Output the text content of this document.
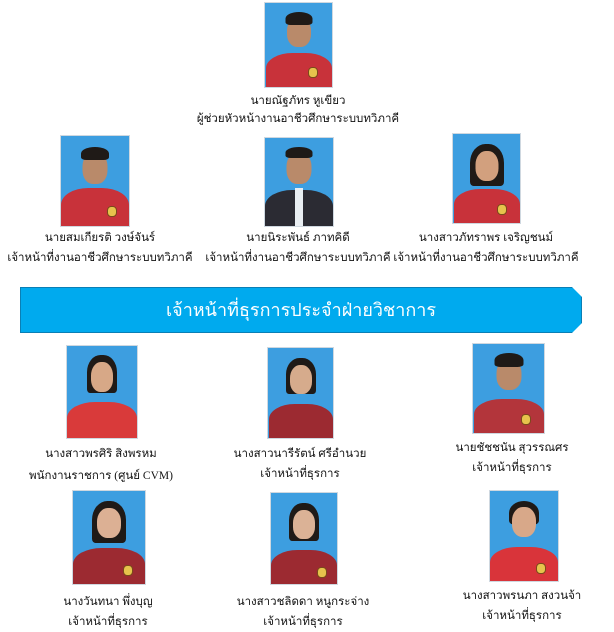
นายณัฐภัทร หูเขียว
ผู้ช่วยหัวหน้างานอาชีวศึกษาระบบทวิภาคี
นายสมเกียรติ วงษ์จันร์
เจ้าหน้าที่งานอาชีวศึกษาระบบทวิภาคี
นายนิระพันธ์ ภาทคิดี
เจ้าหน้าที่งานอาชีวศึกษาระบบทวิภาคี
นางสาวภัทราพร เจริญชนม์
เจ้าหน้าที่งานอาชีวศึกษาระบบทวิภาคี
เจ้าหน้าที่ธุรการประจำฝ่ายวิชาการ
นางสาวพรศิริ สิงพรหม
พนักงานราชการ (ศูนย์ CVM)
นางสาวนารีรัตน์ ศรีอำนวย
เจ้าหน้าที่ธุรการ
นายชัชชนัน สุวรรณศร
เจ้าหน้าที่ธุรการ
นางวันทนา พึ่งบุญ
เจ้าหน้าที่ธุรการ
นางสาวชลิดดา หนูกระจ่าง
เจ้าหน้าที่ธุรการ
นางสาวพรนภา สงวนจ้า
เจ้าหน้าที่ธุรการ
